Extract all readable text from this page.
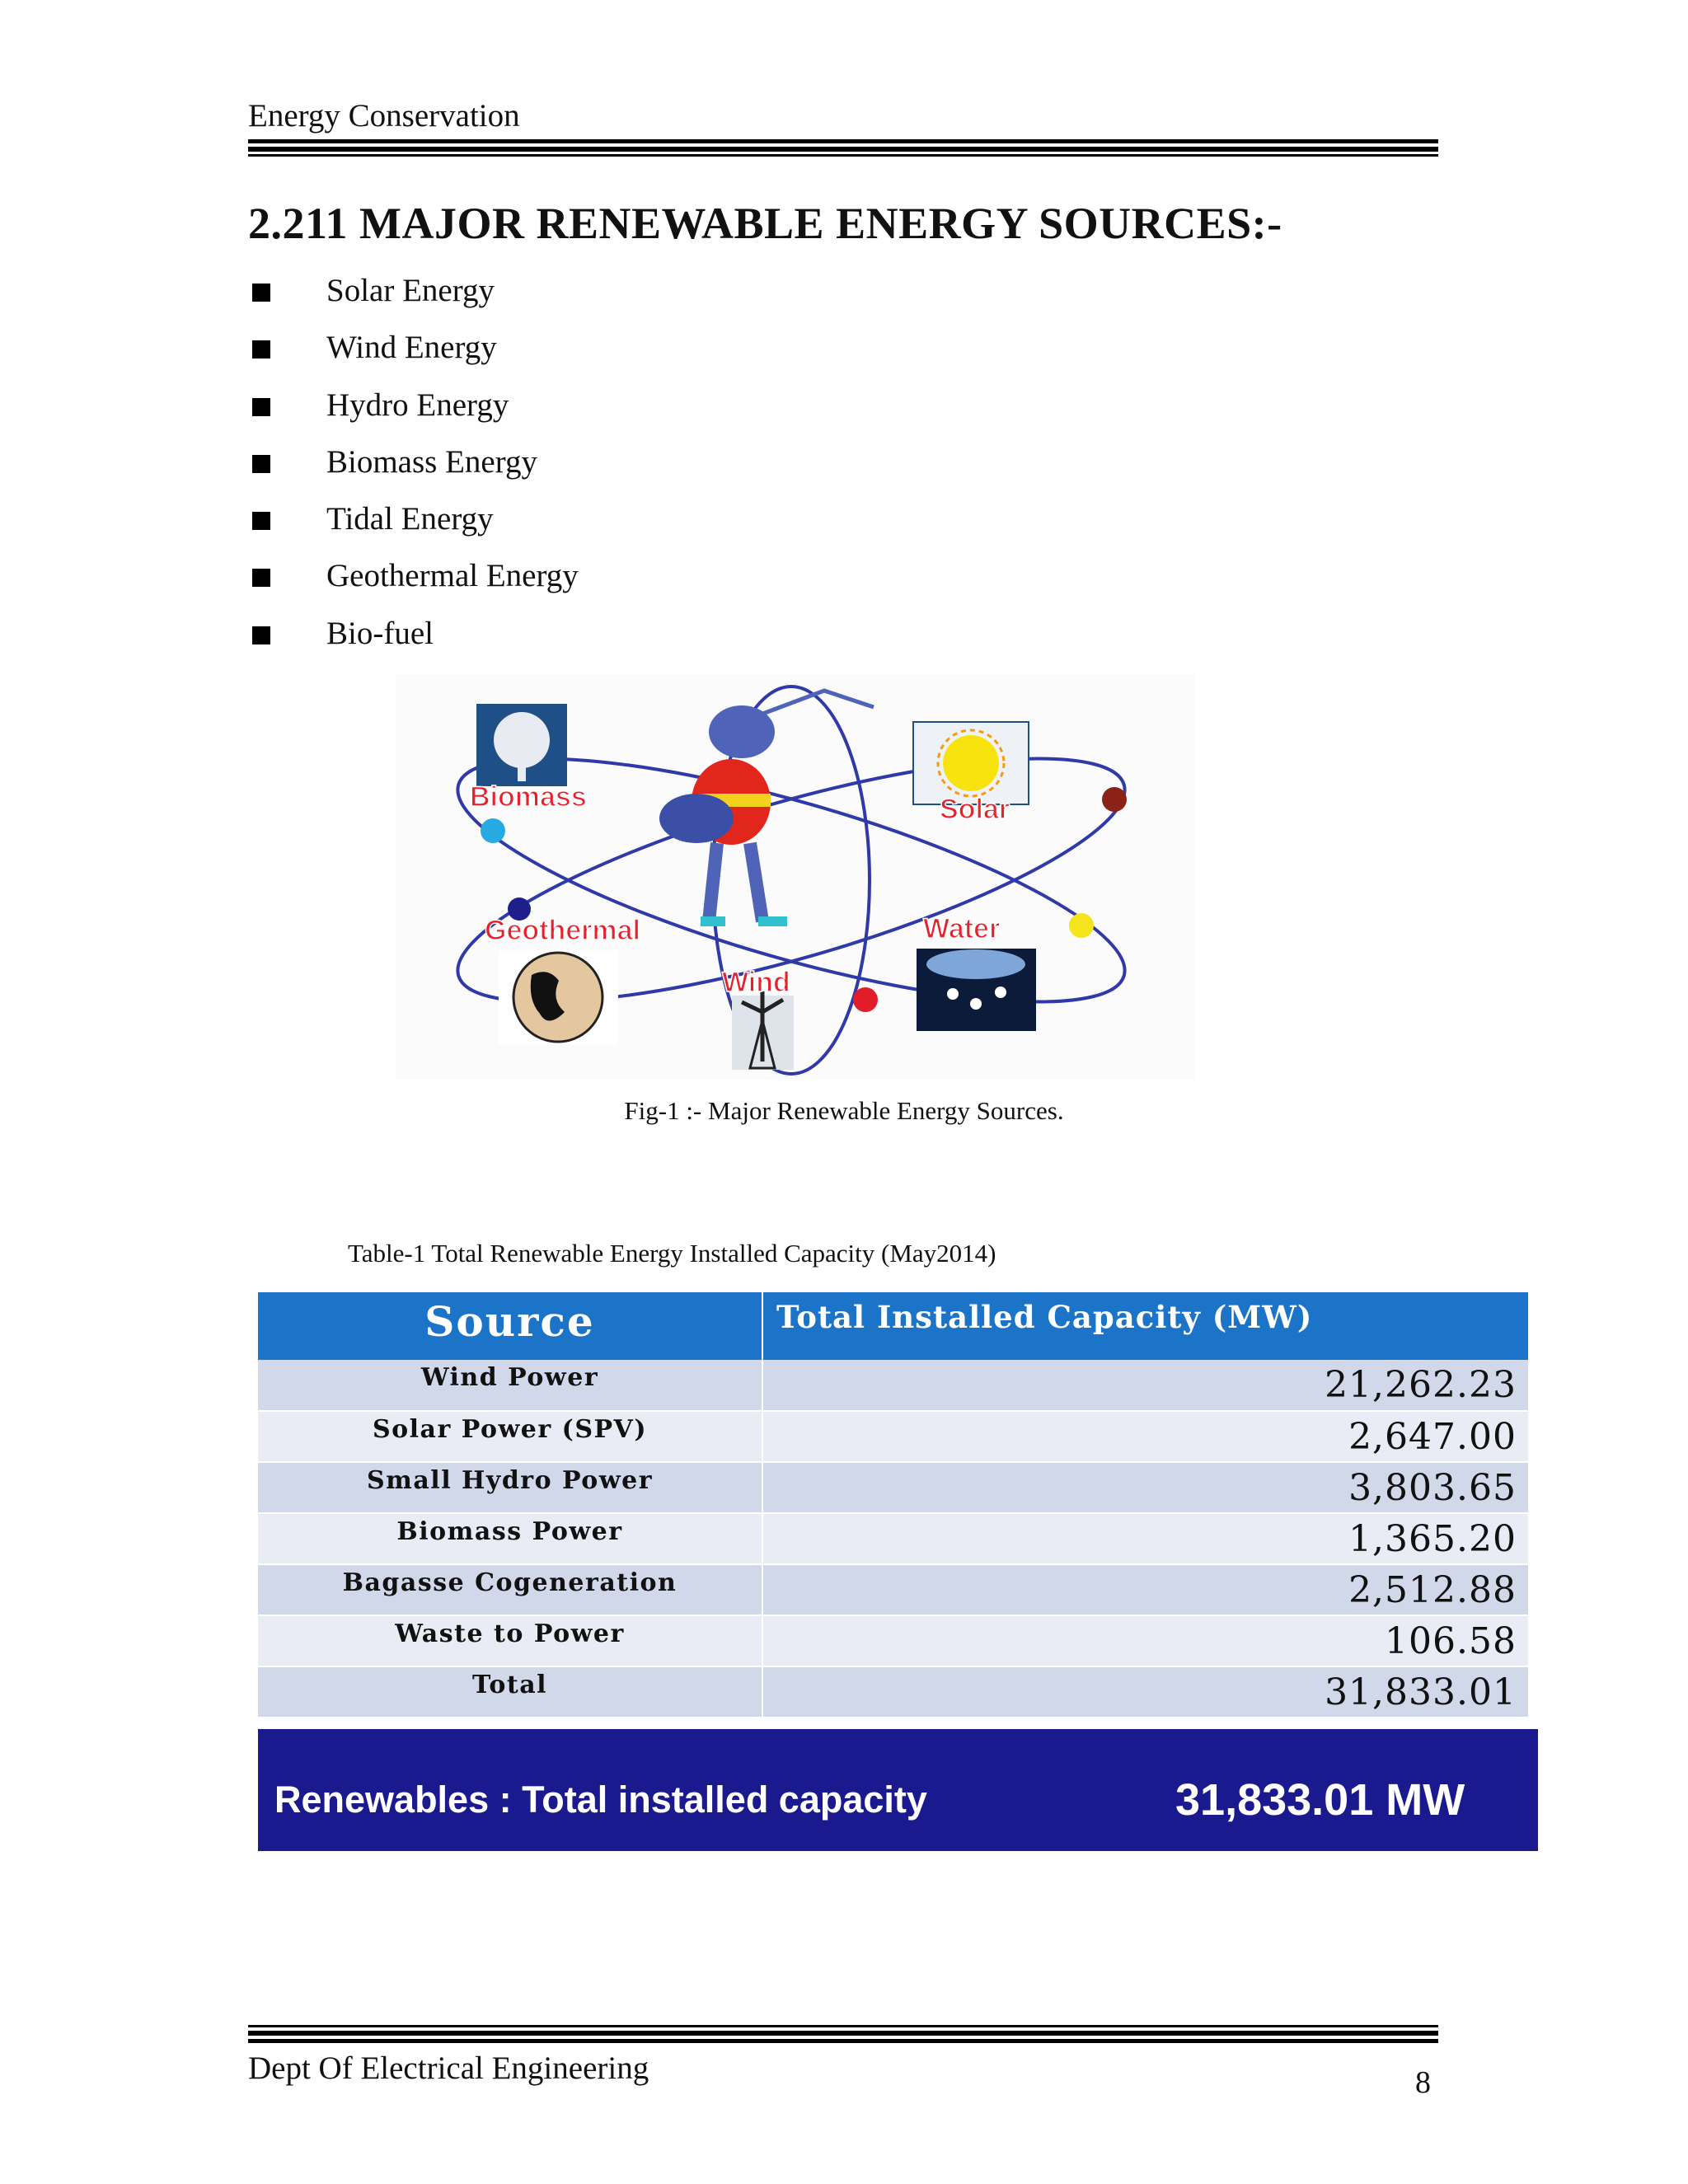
Energy Conservation
2.211 MAJOR RENEWABLE ENERGY SOURCES:-
Solar Energy
Wind Energy
Hydro Energy
Biomass Energy
Tidal Energy
Geothermal Energy
Bio-fuel
Biomass	Solar
Geothermal	Water
Wind
Fig-1 :- Major Renewable Energy Sources.
Table-1 Total Renewable Energy Installed Capacity (May2014)
Source	Total Installed Capacity (MW)
Wind Power	21,262.23
Solar Power (SPV)	2,647.00
Small Hydro Power	3,803.65
Biomass Power	1,365.20
Bagasse Cogeneration	2,512.88
Waste to Power	106.58
Total	31,833.01
Renewables : Total installed capacity	31,833.01 MW
Dept Of Electrical Engineering	8
